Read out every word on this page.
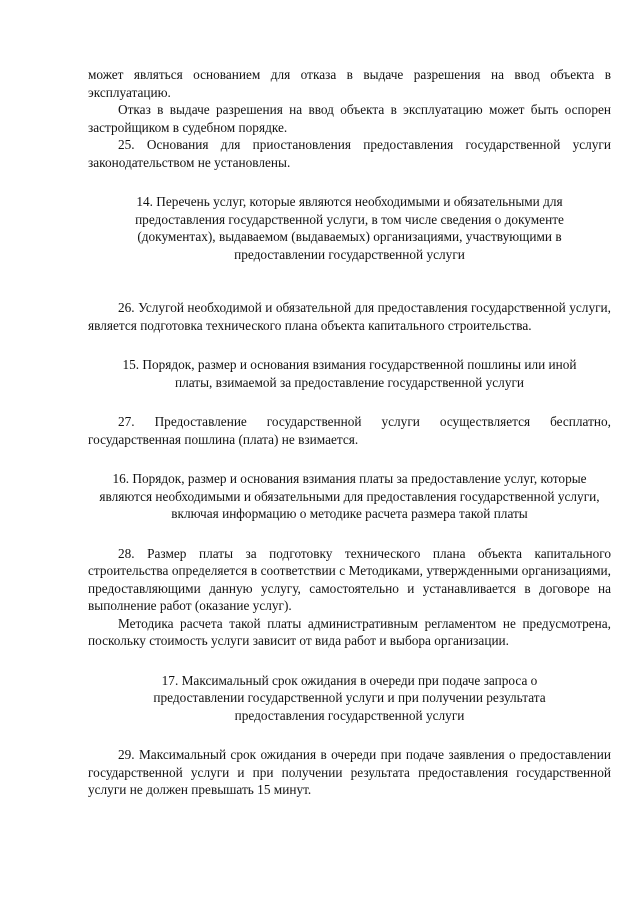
может являться основанием для отказа в выдаче разрешения на ввод объекта в эксплуатацию.

Отказ в выдаче разрешения на ввод объекта в эксплуатацию может быть оспорен застройщиком в судебном порядке.

25. Основания для приостановления предоставления государственной услуги законодательством не установлены.

14. Перечень услуг, которые являются необходимыми и обязательными для предоставления государственной услуги, в том числе сведения о документе (документах), выдаваемом (выдаваемых) организациями, участвующими в предоставлении государственной услуги

26. Услугой необходимой и обязательной для предоставления государственной услуги, является подготовка технического плана объекта капитального строительства.

15. Порядок, размер и основания взимания государственной пошлины или иной платы, взимаемой за предоставление государственной услуги

27. Предоставление государственной услуги осуществляется бесплатно, государственная пошлина (плата) не взимается.

16. Порядок, размер и основания взимания платы за предоставление услуг, которые являются необходимыми и обязательными для предоставления государственной услуги, включая информацию о методике расчета размера такой платы

28. Размер платы за подготовку технического плана объекта капитального строительства определяется в соответствии с Методиками, утвержденными организациями, предоставляющими данную услугу, самостоятельно и устанавливается в договоре на выполнение работ (оказание услуг).

Методика расчета такой платы административным регламентом не предусмотрена, поскольку стоимость услуги зависит от вида работ и выбора организации.

17. Максимальный срок ожидания в очереди при подаче запроса о предоставлении государственной услуги и при получении результата предоставления государственной услуги

29. Максимальный срок ожидания в очереди при подаче заявления о предоставлении государственной услуги и при получении результата предоставления государственной услуги не должен превышать 15 минут.
